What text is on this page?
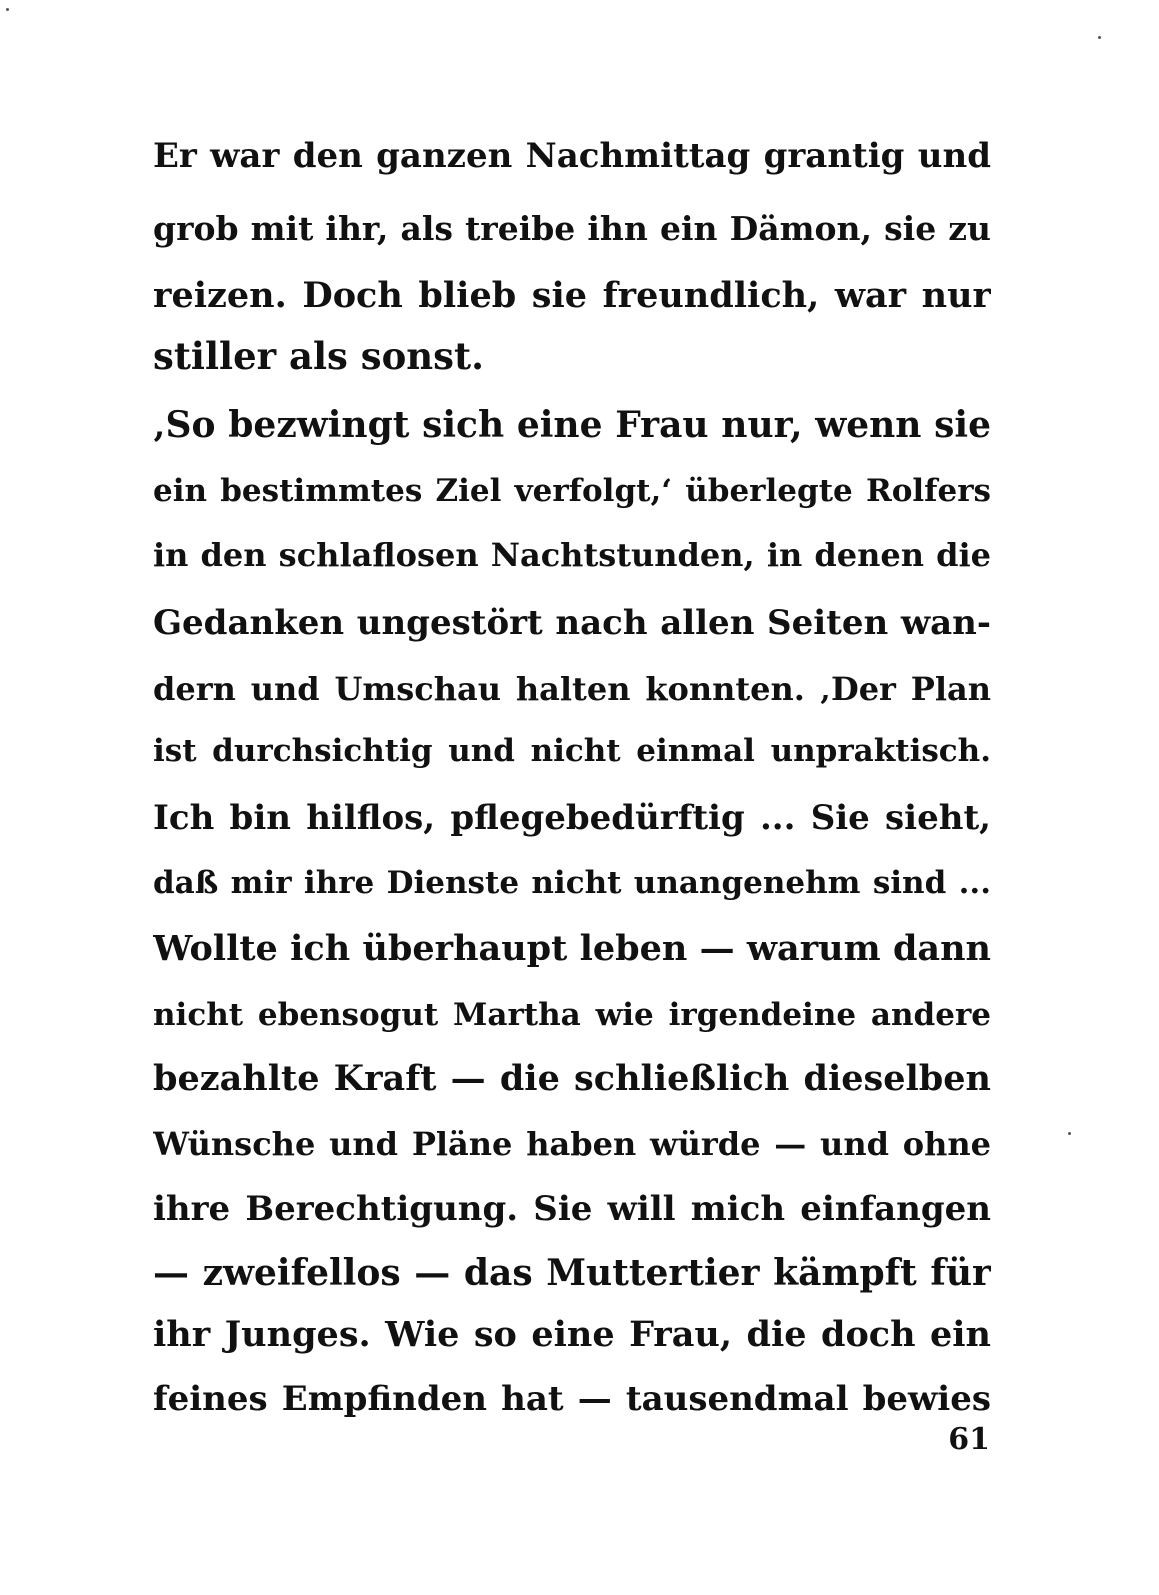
Er war den ganzen Nachmittag grantig und
grob mit ihr, als treibe ihn ein Dämon, sie zu
reizen. Doch blieb sie freundlich, war nur
stiller als sonst.
‚So bezwingt sich eine Frau nur, wenn sie
ein bestimmtes Ziel verfolgt,‘ überlegte Rolfers
in den schlaflosen Nachtstunden, in denen die
Gedanken ungestört nach allen Seiten wan-
dern und Umschau halten konnten. ‚Der Plan
ist durchsichtig und nicht einmal unpraktisch.
Ich bin hilflos, pflegebedürftig ... Sie sieht,
daß mir ihre Dienste nicht unangenehm sind ...
Wollte ich überhaupt leben — warum dann
nicht ebensogut Martha wie irgendeine andere
bezahlte Kraft — die schließlich dieselben
Wünsche und Pläne haben würde — und ohne
ihre Berechtigung. Sie will mich einfangen
— zweifellos — das Muttertier kämpft für
ihr Junges. Wie so eine Frau, die doch ein
feines Empfinden hat — tausendmal bewies
61
